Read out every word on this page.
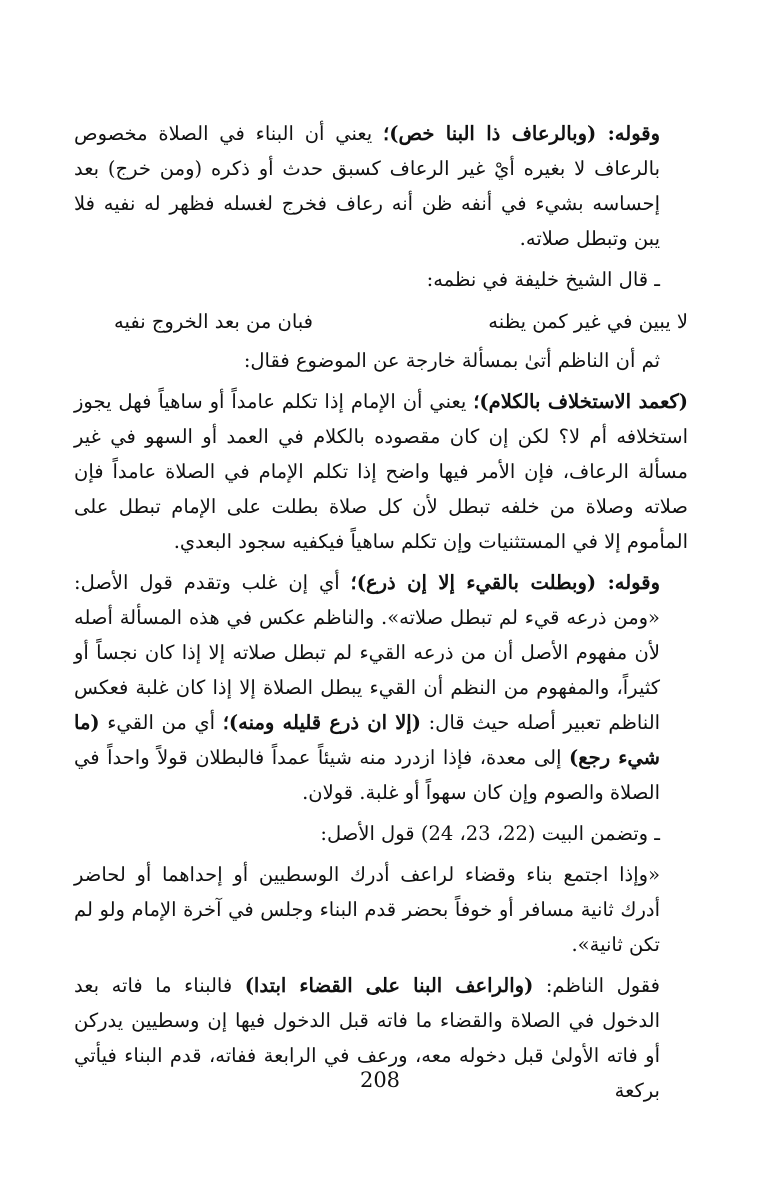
وقوله: (وبالرعاف ذا البنا خص)؛ يعني أن البناء في الصلاة مخصوص بالرعاف لا بغيره أيْ غير الرعاف كسبق حدث أو ذكره (ومن خرج) بعد إحساسه بشيء في أنفه ظن أنه رعاف فخرج لغسله فظهر له نفيه فلا يبن وتبطل صلاته.

ـ قال الشيخ خليفة في نظمه:

لا يبين في غير كمن يظنه
فبان من بعد الخروج نفيه

ثم أن الناظم أتىٰ بمسألة خارجة عن الموضوع فقال:

(كعمد الاستخلاف بالكلام)؛ يعني أن الإمام إذا تكلم عامداً أو ساهياً فهل يجوز استخلافه أم لا؟ لكن إن كان مقصوده بالكلام في العمد أو السهو في غير مسألة الرعاف، فإن الأمر فيها واضح إذا تكلم الإمام في الصلاة عامداً فإن صلاته وصلاة من خلفه تبطل لأن كل صلاة بطلت على الإمام تبطل على المأموم إلا في المستثنيات وإن تكلم ساهياً فيكفيه سجود البعدي.

وقوله: (وبطلت بالقيء إلا إن ذرع)؛ أي إن غلب وتقدم قول الأصل: «ومن ذرعه قيء لم تبطل صلاته». والناظم عكس في هذه المسألة أصله لأن مفهوم الأصل أن من ذرعه القيء لم تبطل صلاته إلا إذا كان نجساً أو كثيراً، والمفهوم من النظم أن القيء يبطل الصلاة إلا إذا كان غلبة فعكس الناظم تعبير أصله حيث قال: (إلا ان ذرع قليله ومنه)؛ أي من القيء (ما شيء رجع) إلى معدة، فإذا ازدرد منه شيئاً عمداً فالبطلان قولاً واحداً في الصلاة والصوم وإن كان سهواً أو غلبة. قولان.

ـ وتضمن البيت (22، 23، 24) قول الأصل:

«وإذا اجتمع بناء وقضاء لراعف أدرك الوسطيين أو إحداهما أو لحاضر أدرك ثانية مسافر أو خوفاً بحضر قدم البناء وجلس في آخرة الإمام ولو لم تكن ثانية».

فقول الناظم: (والراعف البنا على القضاء ابتدا) فالبناء ما فاته بعد الدخول في الصلاة والقضاء ما فاته قبل الدخول فيها إن وسطيين يدركن أو فاته الأولىٰ قبل دخوله معه، ورعف في الرابعة ففاته، قدم البناء فيأتي بركعة

208
